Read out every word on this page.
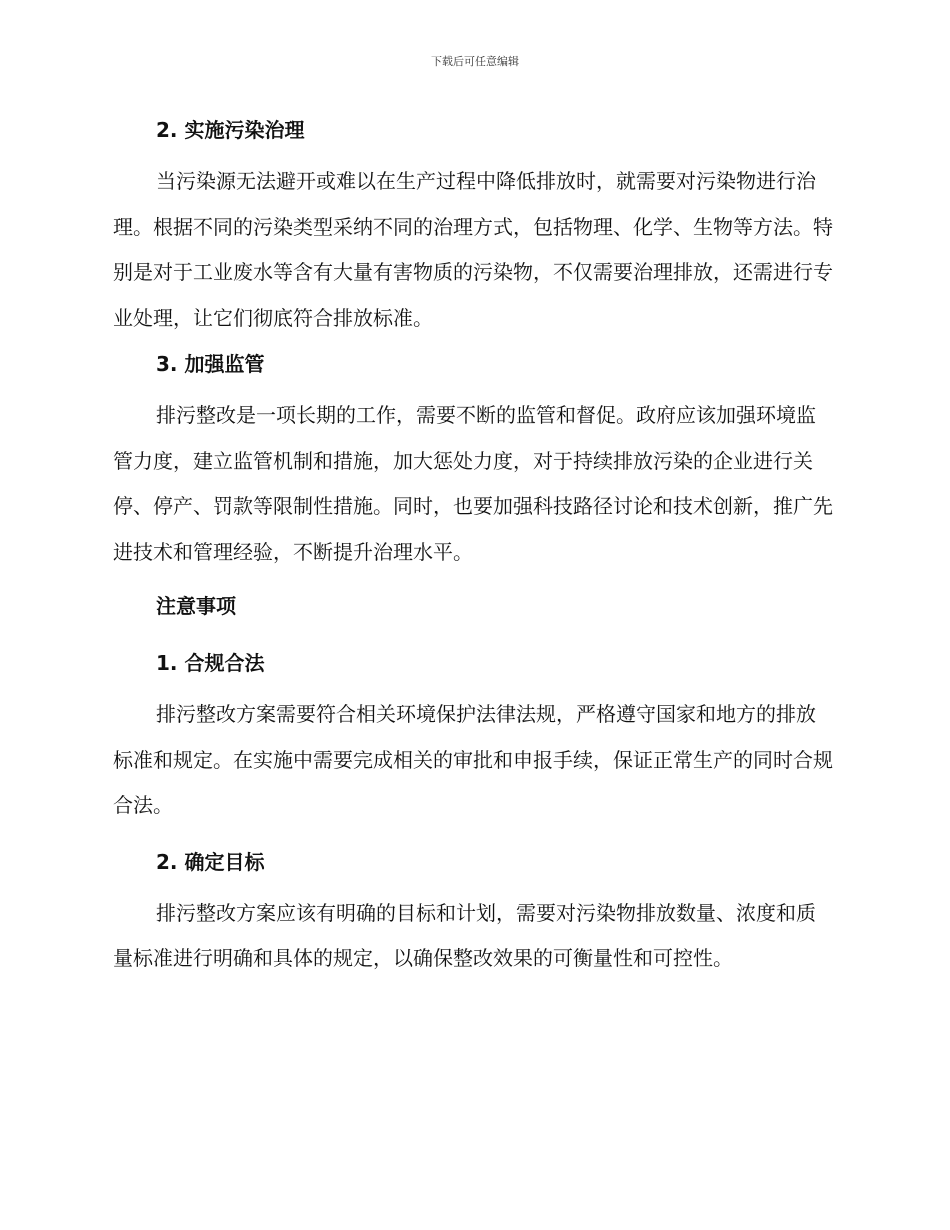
下载后可任意编辑
2. 实施污染治理

当污染源无法避开或难以在生产过程中降低排放时，就需要对污染物进行治理。根据不同的污染类型采纳不同的治理方式，包括物理、化学、生物等方法。特别是对于工业废水等含有大量有害物质的污染物，不仅需要治理排放，还需进行专业处理，让它们彻底符合排放标准。

3. 加强监管

排污整改是一项长期的工作，需要不断的监管和督促。政府应该加强环境监管力度，建立监管机制和措施，加大惩处力度，对于持续排放污染的企业进行关停、停产、罚款等限制性措施。同时，也要加强科技路径讨论和技术创新，推广先进技术和管理经验，不断提升治理水平。

注意事项
1. 合规合法

排污整改方案需要符合相关环境保护法律法规，严格遵守国家和地方的排放标准和规定。在实施中需要完成相关的审批和申报手续，保证正常生产的同时合规合法。

2. 确定目标

排污整改方案应该有明确的目标和计划，需要对污染物排放数量、浓度和质量标准进行明确和具体的规定，以确保整改效果的可衡量性和可控性。
